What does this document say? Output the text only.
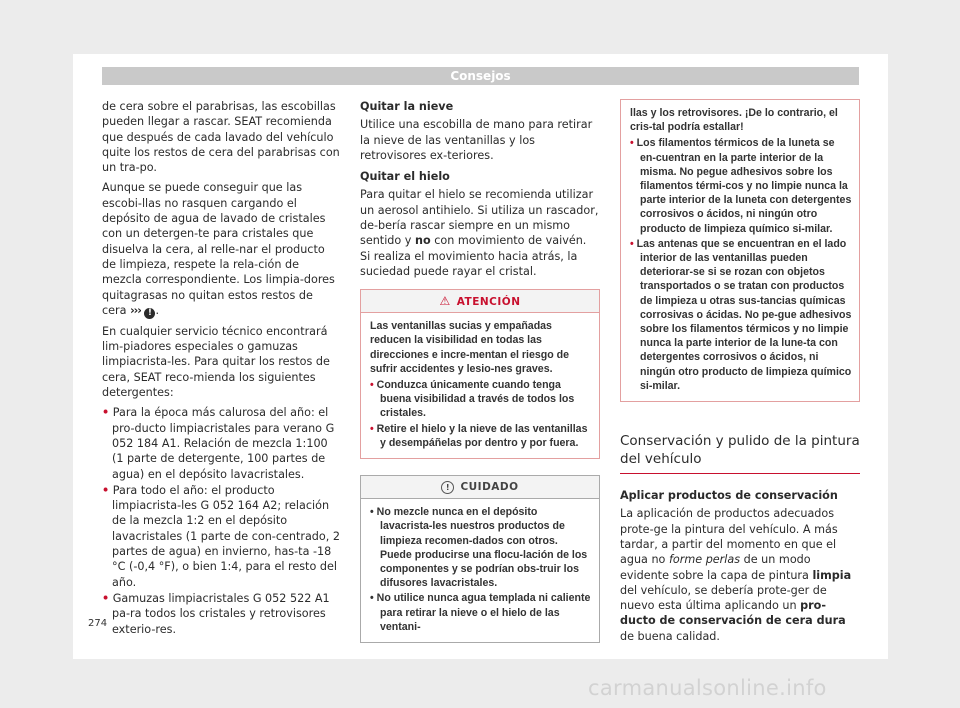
Consejos

de cera sobre el parabrisas, las escobillas pueden llegar a rascar. SEAT recomienda que después de cada lavado del vehículo quite los restos de cera del parabrisas con un tra-po.

Aunque se puede conseguir que las escobi-llas no rasquen cargando el depósito de agua de lavado de cristales con un detergen-te para cristales que disuelva la cera, al relle-nar el producto de limpieza, respete la rela-ción de mezcla correspondiente. Los limpia-dores quitagrasas no quitan estos restos de cera ››› ! .

En cualquier servicio técnico encontrará lim-piadores especiales o gamuzas limpiacrista-les. Para quitar los restos de cera, SEAT reco-mienda los siguientes detergentes:

• Para la época más calurosa del año: el pro-ducto limpiacristales para verano G 052 184 A1. Relación de mezcla 1:100 (1 parte de detergente, 100 partes de agua) en el depósito lavacristales.
• Para todo el año: el producto limpiacrista-les G 052 164 A2; relación de la mezcla 1:2 en el depósito lavacristales (1 parte de con-centrado, 2 partes de agua) en invierno, has-ta -18 °C (-0,4 °F), o bien 1:4, para el resto del año.
• Gamuzas limpiacristales G 052 522 A1 pa-ra todos los cristales y retrovisores exterio-res.
Quitar la nieve

Utilice una escobilla de mano para retirar la nieve de las ventanillas y los retrovisores ex-teriores.

Quitar el hielo

Para quitar el hielo se recomienda utilizar un aerosol antihielo. Si utiliza un rascador, de-bería rascar siempre en un mismo sentido y no con movimiento de vaivén. Si realiza el movimiento hacia atrás, la suciedad puede rayar el cristal.

⚠ ATENCIÓN

Las ventanillas sucias y empañadas reducen la visibilidad en todas las direcciones e incre-mentan el riesgo de sufrir accidentes y lesio-nes graves.

• Conduzca únicamente cuando tenga buena visibilidad a través de todos los cristales.
• Retire el hielo y la nieve de las ventanillas y desempáñelas por dentro y por fuera.
! CUIDADO
• No mezcle nunca en el depósito lavacrista-les nuestros productos de limpieza recomen-dados con otros. Puede producirse una flocu-lación de los componentes y se podrían obs-truir los difusores lavacristales.
• No utilice nunca agua templada ni caliente para retirar la nieve o el hielo de las ventani-

llas y los retrovisores. ¡De lo contrario, el cris-tal podría estallar!

• Los filamentos térmicos de la luneta se en-cuentran en la parte interior de la misma. No pegue adhesivos sobre los filamentos térmi-cos y no limpie nunca la parte interior de la luneta con detergentes corrosivos o ácidos, ni ningún otro producto de limpieza químico si-milar.
• Las antenas que se encuentran en el lado interior de las ventanillas pueden deteriorar-se si se rozan con objetos transportados o se tratan con productos de limpieza u otras sus-tancias químicas corrosivas o ácidas. No pe-gue adhesivos sobre los filamentos térmicos y no limpie nunca la parte interior de la lune-ta con detergentes corrosivos o ácidos, ni ningún otro producto de limpieza químico si-milar.
Conservación y pulido de la pintura del vehículo
Aplicar productos de conservación

La aplicación de productos adecuados prote-ge la pintura del vehículo. A más tardar, a partir del momento en que el agua no forme perlas de un modo evidente sobre la capa de pintura limpia del vehículo, se debería prote-ger de nuevo esta última aplicando un pro-ducto de conservación de cera dura de buena calidad.

274
carmanualsonline.info
